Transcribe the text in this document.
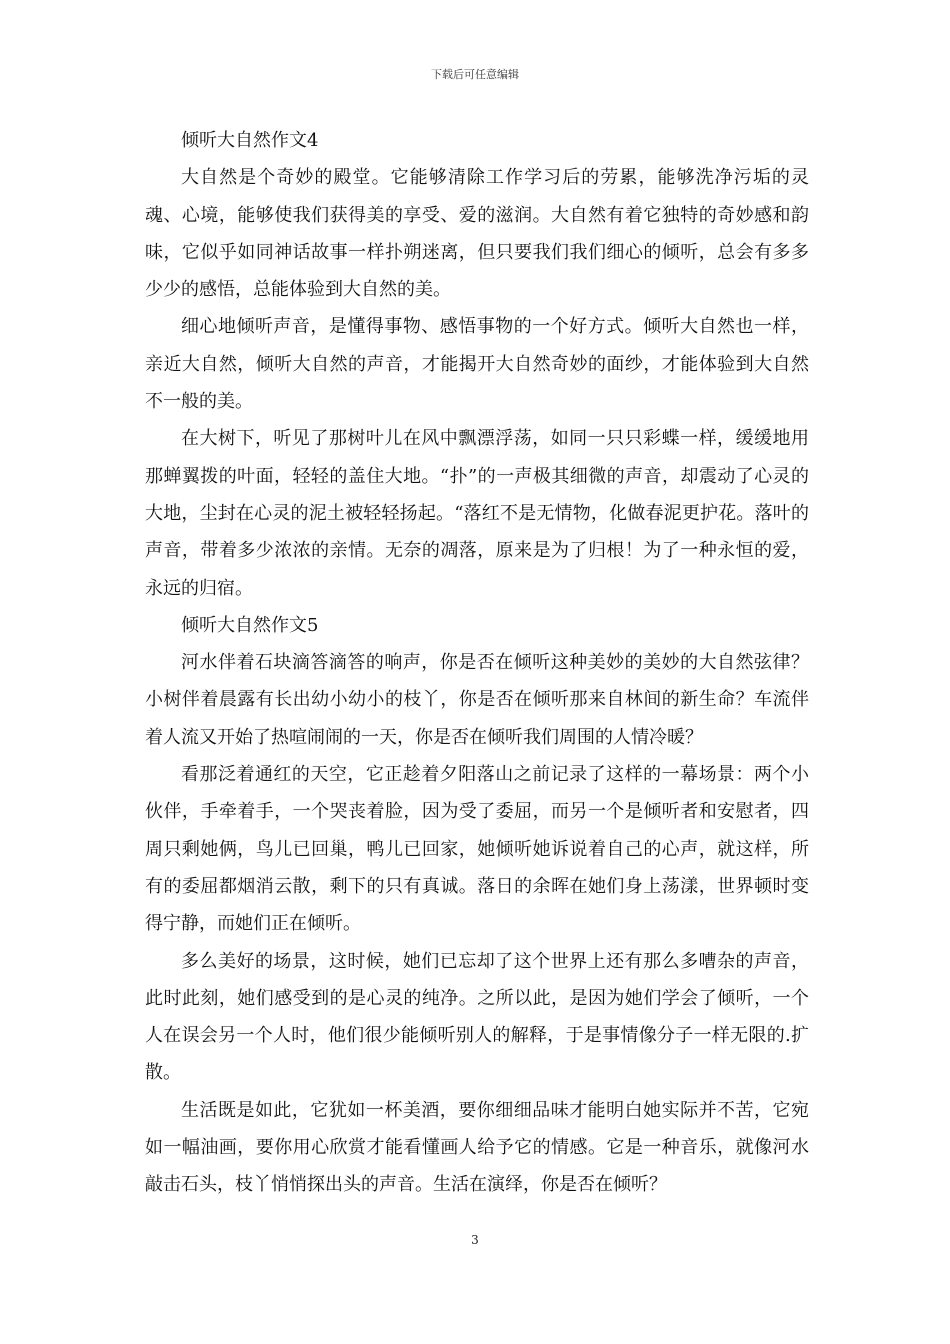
下载后可任意编辑

倾听大自然作文4

大自然是个奇妙的殿堂。它能够清除工作学习后的劳累，能够洗净污垢的灵魂、心境，能够使我们获得美的享受、爱的滋润。大自然有着它独特的奇妙感和韵味，它似乎如同神话故事一样扑朔迷离，但只要我们我们细心的倾听，总会有多多少少的感悟，总能体验到大自然的美。

细心地倾听声音，是懂得事物、感悟事物的一个好方式。倾听大自然也一样，亲近大自然，倾听大自然的声音，才能揭开大自然奇妙的面纱，才能体验到大自然不一般的美。

在大树下，听见了那树叶儿在风中飘漂浮荡，如同一只只彩蝶一样，缓缓地用那蝉翼拨的叶面，轻轻的盖住大地。“扑”的一声极其细微的声音，却震动了心灵的大地，尘封在心灵的泥土被轻轻扬起。“落红不是无情物，化做春泥更护花。落叶的声音，带着多少浓浓的亲情。无奈的凋落，原来是为了归根！为了一种永恒的爱，永远的归宿。

倾听大自然作文5

河水伴着石块滴答滴答的响声，你是否在倾听这种美妙的美妙的大自然弦律？小树伴着晨露有长出幼小幼小的枝丫，你是否在倾听那来自林间的新生命？车流伴着人流又开始了热喧闹闹的一天，你是否在倾听我们周围的人情冷暖？

看那泛着通红的天空，它正趁着夕阳落山之前记录了这样的一幕场景：两个小伙伴，手牵着手，一个哭丧着脸，因为受了委屈，而另一个是倾听者和安慰者，四周只剩她俩，鸟儿已回巢，鸭儿已回家，她倾听她诉说着自己的心声，就这样，所有的委屈都烟消云散，剩下的只有真诚。落日的余晖在她们身上荡漾，世界顿时变得宁静，而她们正在倾听。

多么美好的场景，这时候，她们已忘却了这个世界上还有那么多嘈杂的声音，此时此刻，她们感受到的是心灵的纯净。之所以此，是因为她们学会了倾听，一个人在误会另一个人时，他们很少能倾听别人的解释，于是事情像分子一样无限的.扩散。

生活既是如此，它犹如一杯美酒，要你细细品味才能明白她实际并不苦，它宛如一幅油画，要你用心欣赏才能看懂画人给予它的情感。它是一种音乐，就像河水敲击石头，枝丫悄悄探出头的声音。生活在演绎，你是否在倾听？

3
